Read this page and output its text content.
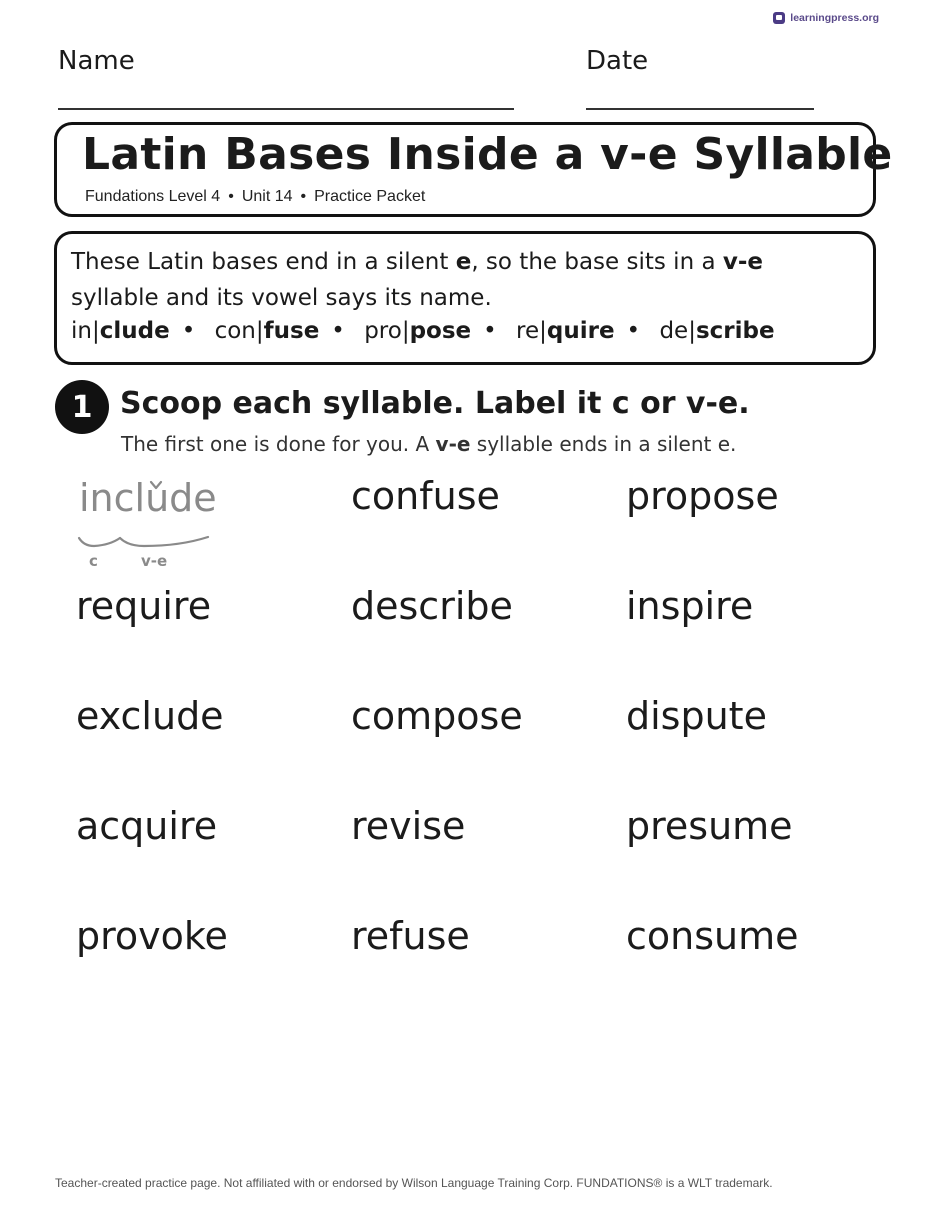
learningpress.org
Name	Date
Latin Bases Inside a v-e Syllable
Fundations Level 4 • Unit 14 • Practice Packet
These Latin bases end in a silent e, so the base sits in a v-e
syllable and its vowel says its name.
in|clude • con|fuse • pro|pose • re|quire • de|scribe
1 Scoop each syllable. Label it c or v-e.
The first one is done for you. A v-e syllable ends in a silent e.
include	confuse	propose
require	describe	inspire
exclude	compose	dispute
acquire	revise	presume
provoke	refuse	consume
c	v-e
Teacher-created practice page. Not affiliated with or endorsed by Wilson Language Training Corp. FUNDATIONS® is a WLT trademark.
